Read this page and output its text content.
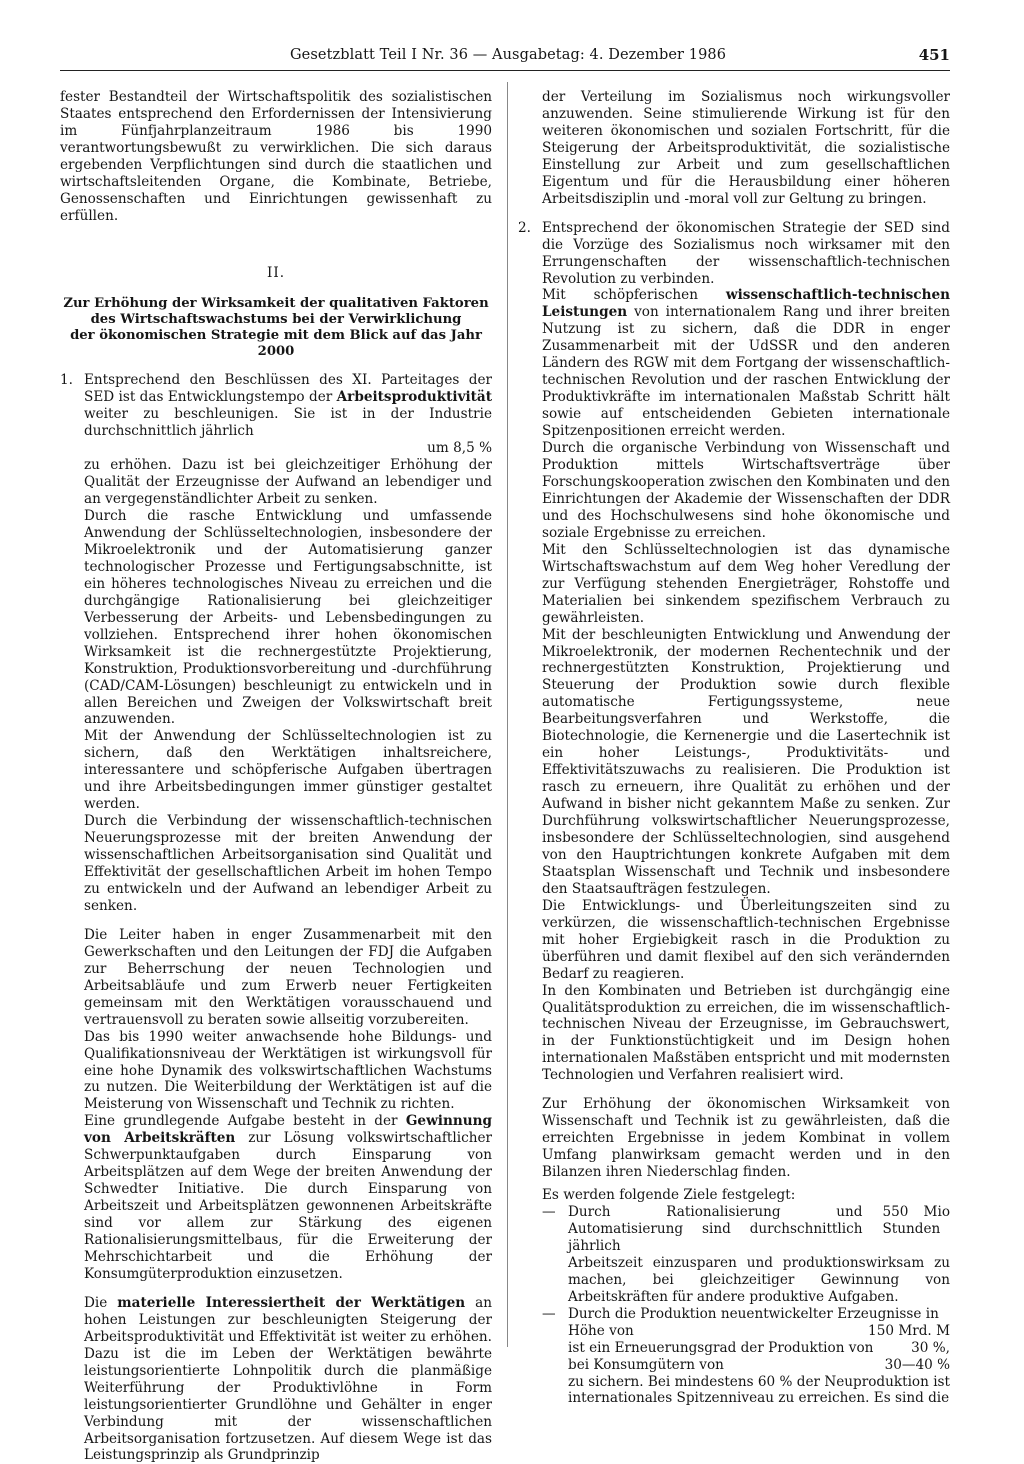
Gesetzblatt Teil I Nr. 36 — Ausgabetag: 4. Dezember 1986	451

fester Bestandteil der Wirtschaftspolitik des sozialistischen Staates entsprechend den Erfordernissen der Intensivierung im Fünfjahrplanzeitraum 1986 bis 1990 verantwortungsbewußt zu verwirklichen. Die sich daraus ergebenden Verpflichtungen sind durch die staatlichen und wirtschaftsleitenden Organe, die Kombinate, Betriebe, Genossenschaften und Einrichtungen gewissenhaft zu erfüllen.

II.
Zur Erhöhung der Wirksamkeit der qualitativen Faktoren
des Wirtschaftswachstums bei der Verwirklichung
der ökonomischen Strategie mit dem Blick auf das Jahr 2000
1. Entsprechend den Beschlüssen des XI. Parteitages der SED ist das Entwicklungstempo der Arbeitsproduktivität weiter zu beschleunigen. Sie ist in der Industrie durchschnittlich jährlich

um 8,5 %

zu erhöhen. Dazu ist bei gleichzeitiger Erhöhung der Qualität der Erzeugnisse der Aufwand an lebendiger und an vergegenständlichter Arbeit zu senken.

Durch die rasche Entwicklung und umfassende Anwendung der Schlüsseltechnologien, insbesondere der Mikroelektronik und der Automatisierung ganzer technologischer Prozesse und Fertigungsabschnitte, ist ein höheres technologisches Niveau zu erreichen und die durchgängige Rationalisierung bei gleichzeitiger Verbesserung der Arbeits- und Lebensbedingungen zu vollziehen. Entsprechend ihrer hohen ökonomischen Wirksamkeit ist die rechnergestützte Projektierung, Konstruktion, Produktionsvorbereitung und -durchführung (CAD/CAM-Lösungen) beschleunigt zu entwickeln und in allen Bereichen und Zweigen der Volkswirtschaft breit anzuwenden.

Mit der Anwendung der Schlüsseltechnologien ist zu sichern, daß den Werktätigen inhaltsreichere, interessantere und schöpferische Aufgaben übertragen und ihre Arbeitsbedingungen immer günstiger gestaltet werden.

Durch die Verbindung der wissenschaftlich-technischen Neuerungsprozesse mit der breiten Anwendung der wissenschaftlichen Arbeitsorganisation sind Qualität und Effektivität der gesellschaftlichen Arbeit im hohen Tempo zu entwickeln und der Aufwand an lebendiger Arbeit zu senken.

Die Leiter haben in enger Zusammenarbeit mit den Gewerkschaften und den Leitungen der FDJ die Aufgaben zur Beherrschung der neuen Technologien und Arbeitsabläufe und zum Erwerb neuer Fertigkeiten gemeinsam mit den Werktätigen vorausschauend und vertrauensvoll zu beraten sowie allseitig vorzubereiten.

Das bis 1990 weiter anwachsende hohe Bildungs- und Qualifikationsniveau der Werktätigen ist wirkungsvoll für eine hohe Dynamik des volkswirtschaftlichen Wachstums zu nutzen. Die Weiterbildung der Werktätigen ist auf die Meisterung von Wissenschaft und Technik zu richten.

Eine grundlegende Aufgabe besteht in der Gewinnung von Arbeitskräften zur Lösung volkswirtschaftlicher Schwerpunktaufgaben durch Einsparung von Arbeitsplätzen auf dem Wege der breiten Anwendung der Schwedter Initiative. Die durch Einsparung von Arbeitszeit und Arbeitsplätzen gewonnenen Arbeitskräfte sind vor allem zur Stärkung des eigenen Rationalisierungsmittelbaus, für die Erweiterung der Mehrschichtarbeit und die Erhöhung der Konsumgüterproduktion einzusetzen.

Die materielle Interessiertheit der Werktätigen an hohen Leistungen zur beschleunigten Steigerung der Arbeitsproduktivität und Effektivität ist weiter zu erhöhen. Dazu ist die im Leben der Werktätigen bewährte leistungsorientierte Lohnpolitik durch die planmäßige Weiterführung der Produktivlöhne in Form leistungsorientierter Grundlöhne und Gehälter in enger Verbindung mit der wissenschaftlichen Arbeitsorganisation fortzusetzen. Auf diesem Wege ist das Leistungsprinzip als Grundprinzip

der Verteilung im Sozialismus noch wirkungsvoller anzuwenden. Seine stimulierende Wirkung ist für den weiteren ökonomischen und sozialen Fortschritt, für die Steigerung der Arbeitsproduktivität, die sozialistische Einstellung zur Arbeit und zum gesellschaftlichen Eigentum und für die Herausbildung einer höheren Arbeitsdisziplin und -moral voll zur Geltung zu bringen.

2. Entsprechend der ökonomischen Strategie der SED sind die Vorzüge des Sozialismus noch wirksamer mit den Errungenschaften der wissenschaftlich-technischen Revolution zu verbinden.

Mit schöpferischen wissenschaftlich-technischen Leistungen von internationalem Rang und ihrer breiten Nutzung ist zu sichern, daß die DDR in enger Zusammenarbeit mit der UdSSR und den anderen Ländern des RGW mit dem Fortgang der wissenschaftlich-technischen Revolution und der raschen Entwicklung der Produktivkräfte im internationalen Maßstab Schritt hält sowie auf entscheidenden Gebieten internationale Spitzenpositionen erreicht werden.

Durch die organische Verbindung von Wissenschaft und Produktion mittels Wirtschaftsverträge über Forschungskooperation zwischen den Kombinaten und den Einrichtungen der Akademie der Wissenschaften der DDR und des Hochschulwesens sind hohe ökonomische und soziale Ergebnisse zu erreichen.

Mit den Schlüsseltechnologien ist das dynamische Wirtschaftswachstum auf dem Weg hoher Veredlung der zur Verfügung stehenden Energieträger, Rohstoffe und Materialien bei sinkendem spezifischem Verbrauch zu gewährleisten.

Mit der beschleunigten Entwicklung und Anwendung der Mikroelektronik, der modernen Rechentechnik und der rechnergestützten Konstruktion, Projektierung und Steuerung der Produktion sowie durch flexible automatische Fertigungssysteme, neue Bearbeitungsverfahren und Werkstoffe, die Biotechnologie, die Kernenergie und die Lasertechnik ist ein hoher Leistungs-, Produktivitäts- und Effektivitätszuwachs zu realisieren. Die Produktion ist rasch zu erneuern, ihre Qualität zu erhöhen und der Aufwand in bisher nicht gekanntem Maße zu senken. Zur Durchführung volkswirtschaftlicher Neuerungsprozesse, insbesondere der Schlüsseltechnologien, sind ausgehend von den Hauptrichtungen konkrete Aufgaben mit dem Staatsplan Wissenschaft und Technik und insbesondere den Staatsaufträgen festzulegen.

Die Entwicklungs- und Überleitungszeiten sind zu verkürzen, die wissenschaftlich-technischen Ergebnisse mit hoher Ergiebigkeit rasch in die Produktion zu überführen und damit flexibel auf den sich verändernden Bedarf zu reagieren.

In den Kombinaten und Betrieben ist durchgängig eine Qualitätsproduktion zu erreichen, die im wissenschaftlich-technischen Niveau der Erzeugnisse, im Gebrauchswert, in der Funktionstüchtigkeit und im Design hohen internationalen Maßstäben entspricht und mit modernsten Technologien und Verfahren realisiert wird.

Zur Erhöhung der ökonomischen Wirksamkeit von Wissenschaft und Technik ist zu gewährleisten, daß die erreichten Ergebnisse in jedem Kombinat in vollem Umfang planwirksam gemacht werden und in den Bilanzen ihren Niederschlag finden.

Es werden folgende Ziele festgelegt:

— Durch Rationalisierung und Automatisierung sind durchschnittlich jährlich
550 Mio Stunden

Arbeitszeit einzusparen und produktionswirksam zu machen, bei gleichzeitiger Gewinnung von Arbeitskräften für andere produktive Aufgaben.

— Durch die Produktion neuentwickelter Erzeugnisse in

Höhe von	150 Mrd. M
ist ein Erneuerungsgrad der Produktion von	30 %,
bei Konsumgütern von	30—40 %

zu sichern. Bei mindestens 60 % der Neuproduktion ist internationales Spitzenniveau zu erreichen. Es sind die
